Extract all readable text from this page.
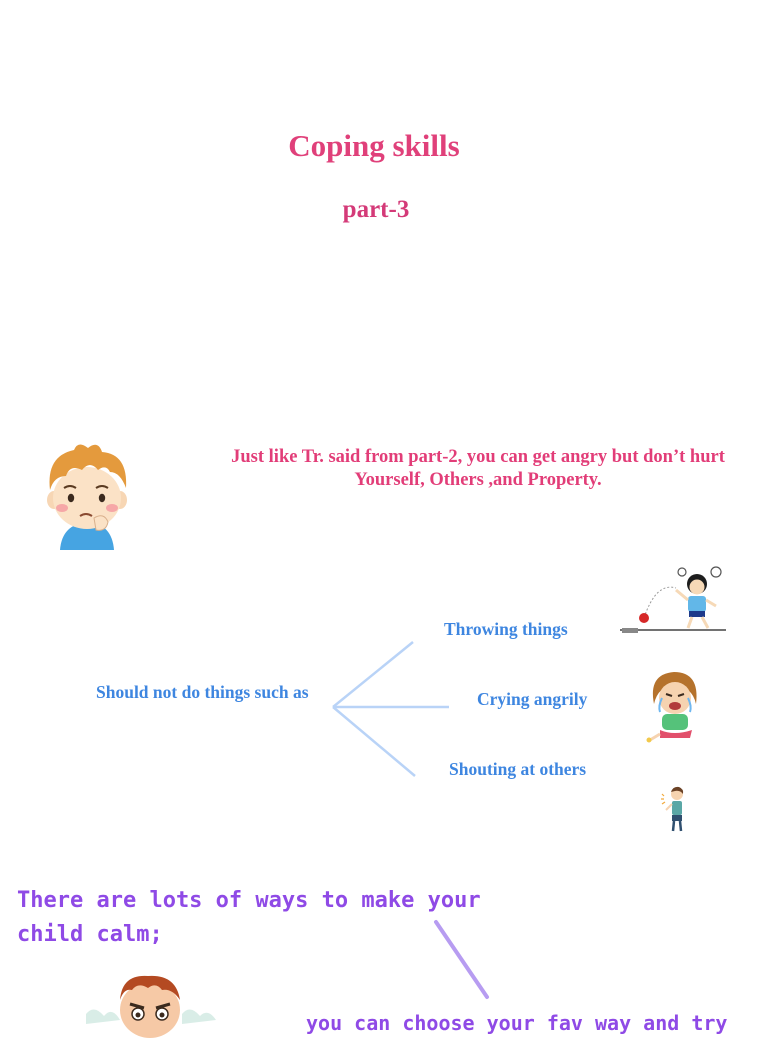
Coping skills
part-3
Just like Tr. said from part-2, you can get angry but don’t hurt Yourself, Others ,and Property.
Should not do things such as
Throwing things
Crying angrily
Shouting at others
There are lots of ways to make your
child calm;
you can choose your fav way and try
